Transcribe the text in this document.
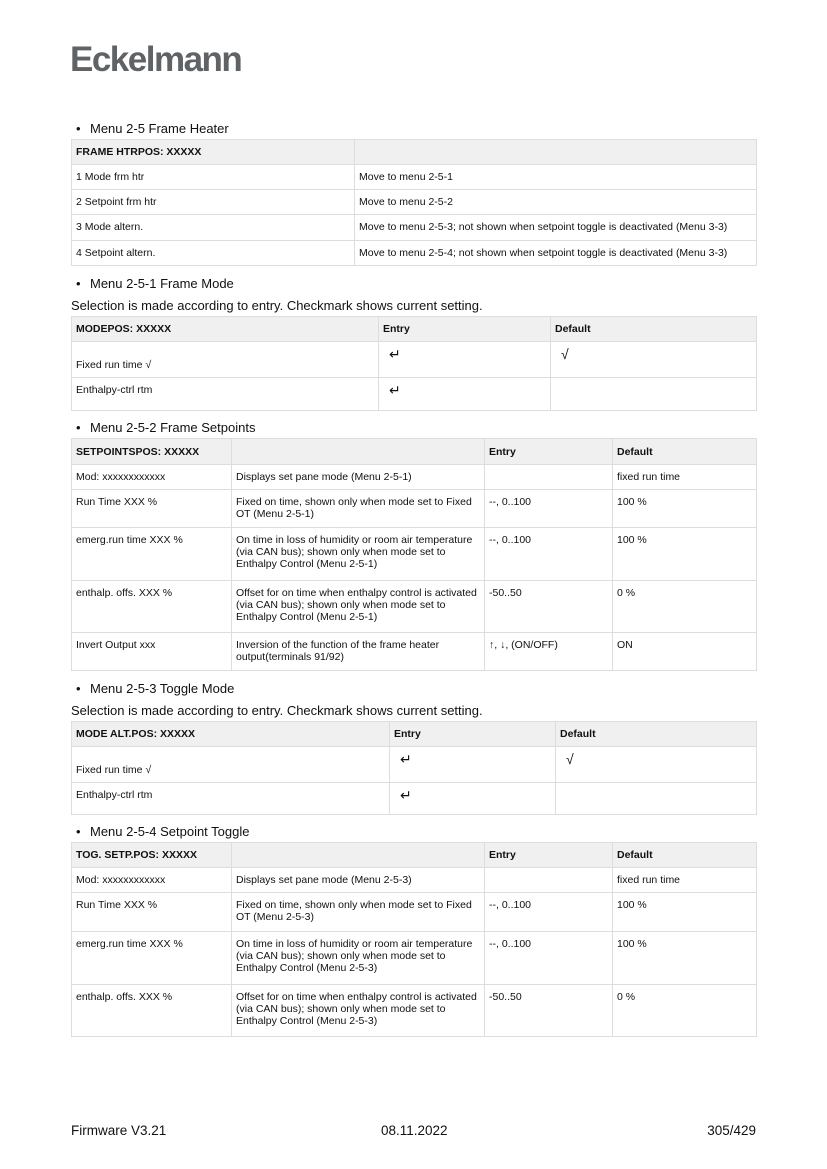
Eckelmann
• Menu 2-5 Frame Heater
FRAME HTRPOS: XXXXX	
1 Mode frm htr	Move to menu 2-5-1
2 Setpoint frm htr	Move to menu 2-5-2
3 Mode altern.	Move to menu 2-5-3; not shown when setpoint toggle is deactivated (Menu 3-3)
4 Setpoint altern.	Move to menu 2-5-4; not shown when setpoint toggle is deactivated (Menu 3-3)
• Menu 2-5-1 Frame Mode
Selection is made according to entry. Checkmark shows current setting.
MODEPOS: XXXXX	Entry	Default
Fixed run time √	↵	√
Enthalpy-ctrl rtm	↵	
• Menu 2-5-2 Frame Setpoints
SETPOINTSPOS: XXXXX		Entry	Default
Mod: xxxxxxxxxxxx	Displays set pane mode (Menu 2-5-1)		fixed run time
Run Time XXX %	Fixed on time, shown only when mode set to Fixed OT (Menu 2-5-1)	--, 0..100	100 %
emerg.run time XXX %	On time in loss of humidity or room air temperature (via CAN bus); shown only when mode set to Enthalpy Control (Menu 2-5-1)	--, 0..100	100 %
enthalp. offs. XXX %	Offset for on time when enthalpy control is activated (via CAN bus); shown only when mode set to Enthalpy Control (Menu 2-5-1)	-50..50	0 %
Invert Output xxx	Inversion of the function of the frame heater output(terminals 91/92)	↑, ↓, (ON/OFF)	ON
• Menu 2-5-3 Toggle Mode
Selection is made according to entry. Checkmark shows current setting.
MODE ALT.POS: XXXXX	Entry	Default
Fixed run time √	↵	√
Enthalpy-ctrl rtm	↵	
• Menu 2-5-4 Setpoint Toggle
TOG. SETP.POS: XXXXX		Entry	Default
Mod: xxxxxxxxxxxx	Displays set pane mode (Menu 2-5-3)		fixed run time
Run Time XXX %	Fixed on time, shown only when mode set to Fixed OT (Menu 2-5-3)	--, 0..100	100 %
emerg.run time XXX %	On time in loss of humidity or room air temperature (via CAN bus); shown only when mode set to Enthalpy Control (Menu 2-5-3)	--, 0..100	100 %
enthalp. offs. XXX %	Offset for on time when enthalpy control is activated (via CAN bus); shown only when mode set to Enthalpy Control (Menu 2-5-3)	-50..50	0 %
Firmware V3.21	08.11.2022	305/429
